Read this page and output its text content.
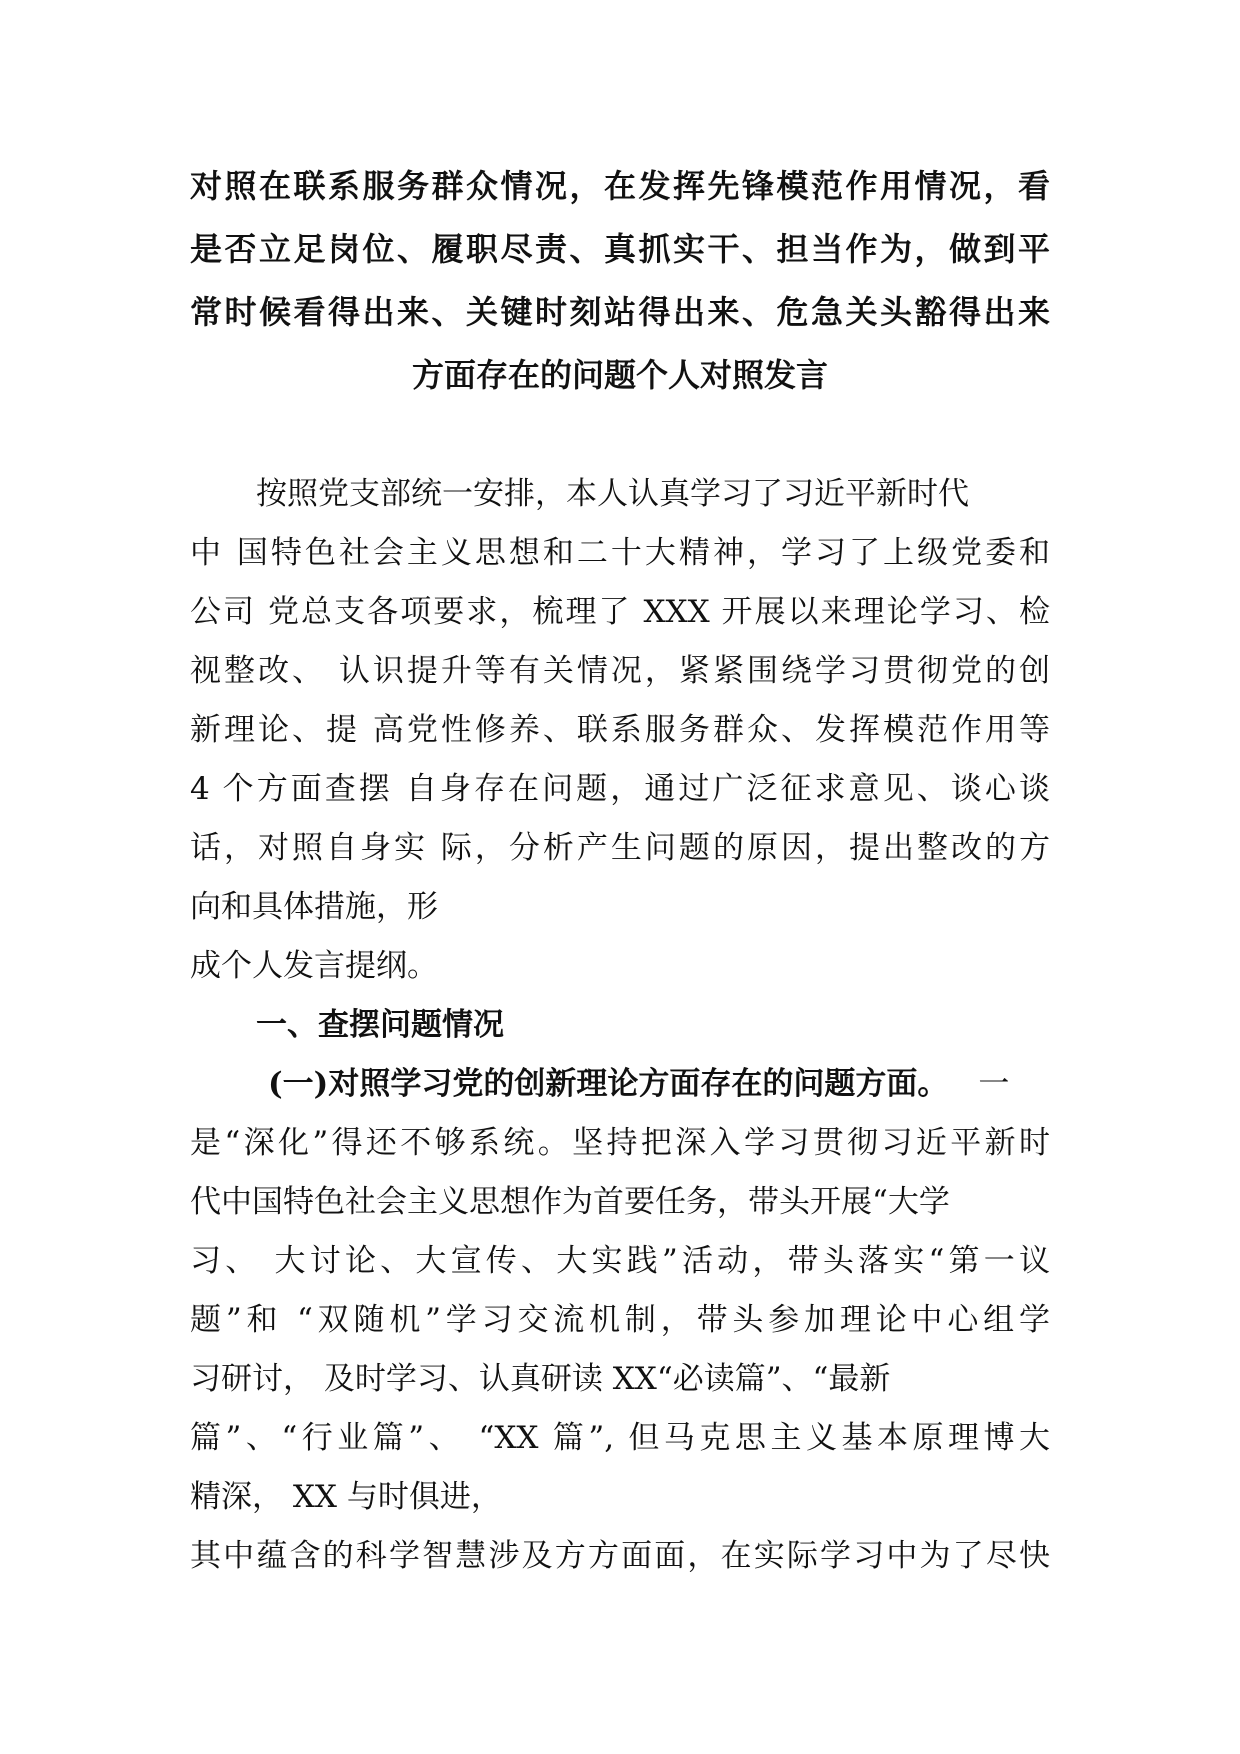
对照在联系服务群众情况，在发挥先锋模范作用情况，看
是否立足岗位、履职尽责、真抓实干、担当作为，做到平
常时候看得出来、关键时刻站得出来、危急关头豁得出来
方面存在的问题个人对照发言
按照党支部统一安排，本人认真学习了习近平新时代
中 国特色社会主义思想和二十大精神，学习了上级党委和
公司 党总支各项要求，梳理了 XXX 开展以来理论学习、检
视整改、 认识提升等有关情况，紧紧围绕学习贯彻党的创
新理论、提 高党性修养、联系服务群众、发挥模范作用等
4 个方面查摆 自身存在问题，通过广泛征求意见、谈心谈
话，对照自身实 际，分析产生问题的原因，提出整改的方
向和具体措施，形
成个人发言提纲。
一、查摆问题情况
(一)对照学习党的创新理论方面存在的问题方面。 一
是“深化”得还不够系统。坚持把深入学习贯彻习近平新时
代中国特色社会主义思想作为首要任务，带头开展“大学
习、 大讨论、大宣传、大实践”活动，带头落实“第一议
题”和 “双随机”学习交流机制，带头参加理论中心组学
习研讨， 及时学习、认真研读 XX“必读篇”、“最新
篇”、“行业篇”、 “XX 篇”, 但马克思主义基本原理博大
精深， XX 与时俱进，
其中蕴含的科学智慧涉及方方面面，在实际学习中为了尽快
